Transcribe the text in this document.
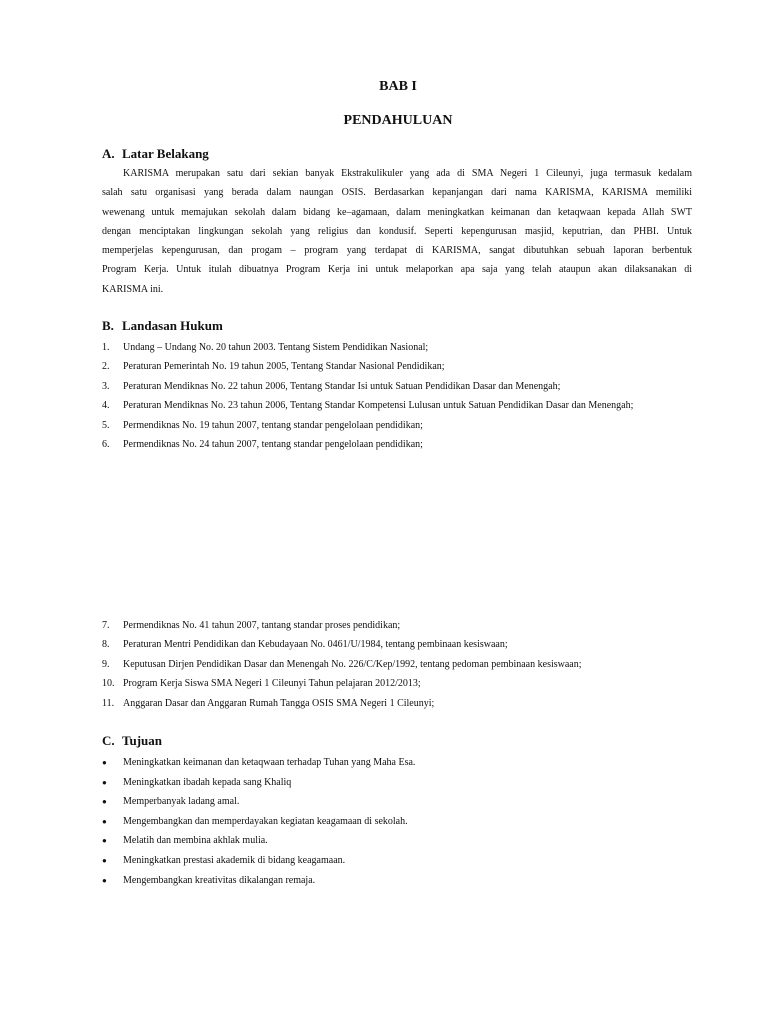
BAB I
PENDAHULUAN
A. Latar Belakang

KARISMA merupakan satu dari sekian banyak Ekstrakulikuler yang ada di SMA Negeri 1 Cileunyi, juga termasuk kedalam
salah satu organisasi yang berada dalam naungan OSIS. Berdasarkan kepanjangan dari nama KARISMA, KARISMA memiliki
wewenang untuk memajukan sekolah dalam bidang ke–agamaan, dalam meningkatkan keimanan dan ketaqwaan kepada Allah SWT
dengan menciptakan lingkungan sekolah yang religius dan kondusif. Seperti kepengurusan masjid, keputrian, dan PHBI. Untuk
memperjelas kepengurusan, dan progam – program yang terdapat di KARISMA, sangat dibutuhkan sebuah laporan berbentuk
Program Kerja. Untuk itulah dibuatnya Program Kerja ini untuk melaporkan apa saja yang telah ataupun akan dilaksanakan di
KARISMA ini.

B. Landasan Hukum
1. Undang – Undang No. 20 tahun 2003. Tentang Sistem Pendidikan Nasional;
2. Peraturan Pemerintah No. 19 tahun 2005, Tentang Standar Nasional Pendidikan;
3. Peraturan Mendiknas No. 22 tahun 2006, Tentang Standar Isi untuk Satuan Pendidikan Dasar dan Menengah;
4. Peraturan Mendiknas No. 23 tahun 2006, Tentang Standar Kompetensi Lulusan untuk Satuan Pendidikan Dasar dan Menengah;
5. Permendiknas No. 19 tahun 2007, tentang standar pengelolaan pendidikan;
6. Permendiknas No. 24 tahun 2007, tentang standar pengelolaan pendidikan;
7. Permendiknas No. 41 tahun 2007, tantang standar proses pendidikan;
8. Peraturan Mentri Pendidikan dan Kebudayaan No. 0461/U/1984, tentang pembinaan kesiswaan;
9. Keputusan Dirjen Pendidikan Dasar dan Menengah No. 226/C/Kep/1992, tentang pedoman pembinaan kesiswaan;
10. Program Kerja Siswa SMA Negeri 1 Cileunyi Tahun pelajaran 2012/2013;
11. Anggaran Dasar dan Anggaran Rumah Tangga OSIS SMA Negeri 1 Cileunyi;
C. Tujuan
● Meningkatkan keimanan dan ketaqwaan terhadap Tuhan yang Maha Esa.
● Meningkatkan ibadah kepada sang Khaliq
● Memperbanyak ladang amal.
● Mengembangkan dan memperdayakan kegiatan keagamaan di sekolah.
● Melatih dan membina akhlak mulia.
● Meningkatkan prestasi akademik di bidang keagamaan.
● Mengembangkan kreativitas dikalangan remaja.
